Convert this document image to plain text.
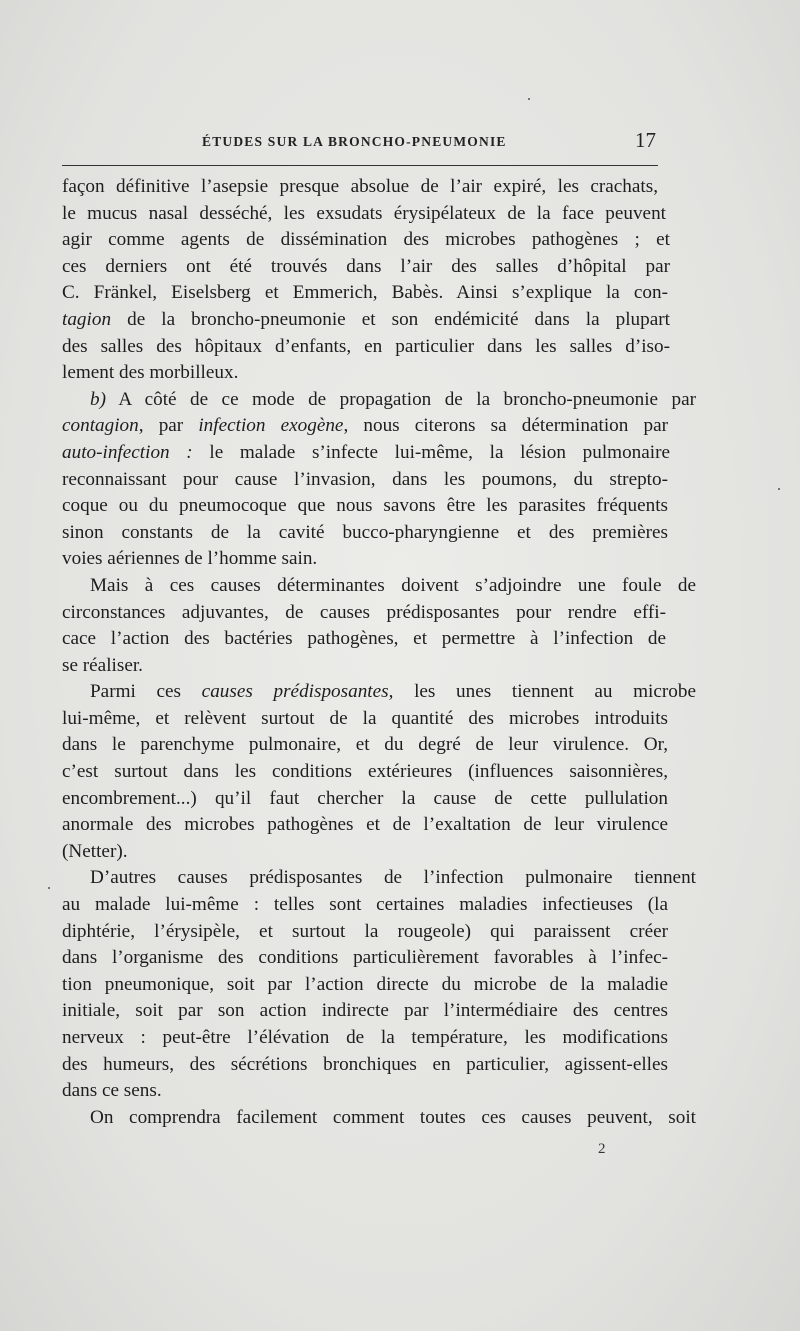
ÉTUDES SUR LA BRONCHO-PNEUMONIE	17
façon définitive l’asepsie presque absolue de l’air expiré, les crachats,
le mucus nasal desséché, les exsudats érysipélateux de la face peuvent
agir comme agents de dissémination des microbes pathogènes ; et
ces derniers ont été trouvés dans l’air des salles d’hôpital par
C. Fränkel, Eiselsberg et Emmerich, Babès. Ainsi s’explique la con-
tagion de la broncho-pneumonie et son endémicité dans la plupart
des salles des hôpitaux d’enfants, en particulier dans les salles d’iso-
lement des morbilleux.
b) A côté de ce mode de propagation de la broncho-pneumonie par
contagion, par infection exogène, nous citerons sa détermination par
auto-infection : le malade s’infecte lui-même, la lésion pulmonaire
reconnaissant pour cause l’invasion, dans les poumons, du strepto-
coque ou du pneumocoque que nous savons être les parasites fréquents
sinon constants de la cavité bucco-pharyngienne et des premières
voies aériennes de l’homme sain.
Mais à ces causes déterminantes doivent s’adjoindre une foule de
circonstances adjuvantes, de causes prédisposantes pour rendre effi-
cace l’action des bactéries pathogènes, et permettre à l’infection de
se réaliser.
Parmi ces causes prédisposantes, les unes tiennent au microbe
lui-même, et relèvent surtout de la quantité des microbes introduits
dans le parenchyme pulmonaire, et du degré de leur virulence. Or,
c’est surtout dans les conditions extérieures (influences saisonnières,
encombrement...) qu’il faut chercher la cause de cette pullulation
anormale des microbes pathogènes et de l’exaltation de leur virulence
(Netter).
D’autres causes prédisposantes de l’infection pulmonaire tiennent
au malade lui-même : telles sont certaines maladies infectieuses (la
diphtérie, l’érysipèle, et surtout la rougeole) qui paraissent créer
dans l’organisme des conditions particulièrement favorables à l’infec-
tion pneumonique, soit par l’action directe du microbe de la maladie
initiale, soit par son action indirecte par l’intermédiaire des centres
nerveux : peut-être l’élévation de la température, les modifications
des humeurs, des sécrétions bronchiques en particulier, agissent-elles
dans ce sens.
On comprendra facilement comment toutes ces causes peuvent, soit
2
